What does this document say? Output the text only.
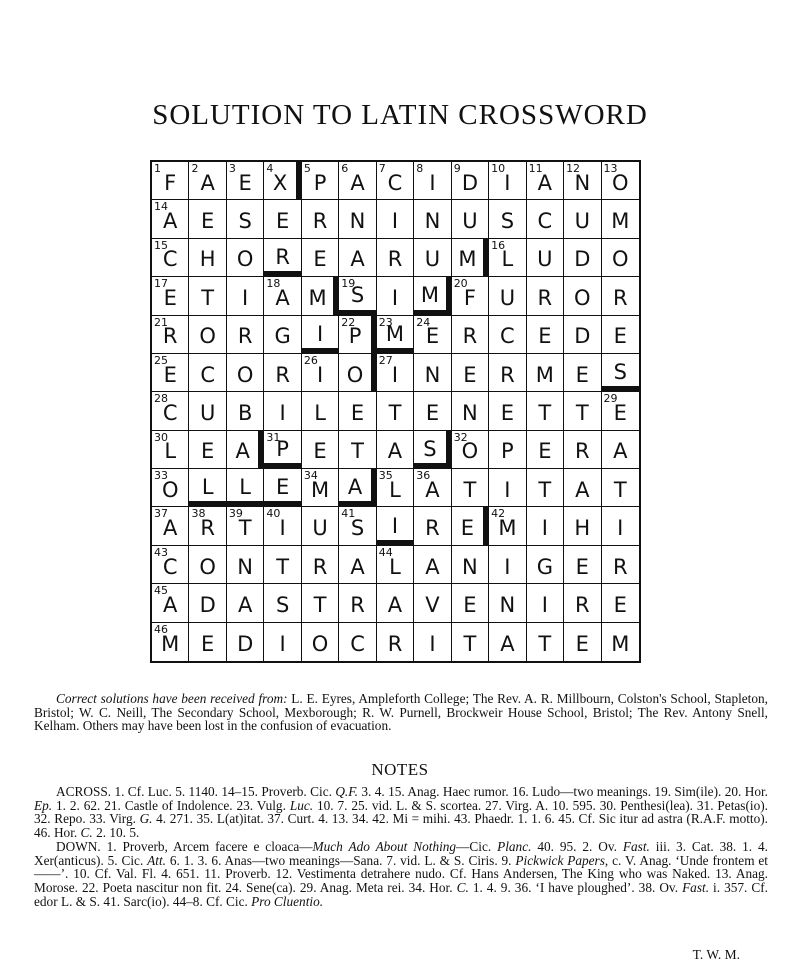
SOLUTION TO LATIN CROSSWORD
1
F
2
A
3
E
4
X
5
P
6
A
7
C
8
I
9
D
10
I
11
A
12
N
13
O
14
A E S E R N I N U S C U M
15
C H O R E A R U M
16
L U D O
17
E T I
18
A M
19
S I M 20
F U R O R
21
R O R G I 22
P
23
M 24
E R C E D E
25
E C O R
26
I O
27
I N E R M E S
28
C U B I L E T E N E T T
29
E
30
L E A
31
P E T A S 32
O P E R A
33
O L L E 34
M A 35
L
36
A T I T A T
37
A
38
R
39
T
40
I U
41
S I R E
42
M I H I
43
C O N T R A
44
L A N I G E R
45
A D A S T R A V E N I R E
46
M E D I O C R I T A T E M
Correct solutions have been received from: L. E. Eyres, Ampleforth College; The Rev. A. R. Millbourn, Colston's School, Stapleton, Bristol; W. C. Neill, The Secondary School, Mexborough; R. W. Purnell, Brockweir House School, Bristol; The Rev. Antony Snell, Kelham. Others may have been lost in the confusion of evacuation.
NOTES

ACROSS. 1. Cf. Luc. 5. 1140. 14–15. Proverb. Cic. Q.F. 3. 4. 15. Anag. Haec rumor. 16. Ludo—two meanings. 19. Sim(ile). 20. Hor. Ep. 1. 2. 62. 21. Castle of Indolence. 23. Vulg. Luc. 10. 7. 25. vid. L. & S. scortea. 27. Virg. A. 10. 595. 30. Penthesi(lea). 31. Petas(io). 32. Repo. 33. Virg. G. 4. 271. 35. L(at)itat. 37. Curt. 4. 13. 34. 42. Mi = mihi. 43. Phaedr. 1. 1. 6. 45. Cf. Sic itur ad astra (R.A.F. motto). 46. Hor. C. 2. 10. 5.

DOWN. 1. Proverb, Arcem facere e cloaca—Much Ado About Nothing—Cic. Planc. 40. 95. 2. Ov. Fast. iii. 3. Cat. 38. 1. 4. Xer(anticus). 5. Cic. Att. 6. 1. 3. 6. Anas—two meanings—Sana. 7. vid. L. & S. Ciris. 9. Pickwick Papers, c. V. Anag. ‘Unde frontem et ——’. 10. Cf. Val. Fl. 4. 651. 11. Proverb. 12. Vestimenta detrahere nudo. Cf. Hans Andersen, The King who was Naked. 13. Anag. Morose. 22. Poeta nascitur non fit. 24. Sene(ca). 29. Anag. Meta rei. 34. Hor. C. 1. 4. 9. 36. ‘I have ploughed’. 38. Ov. Fast. i. 357. Cf. edor L. & S. 41. Sarc(io). 44–8. Cf. Cic. Pro Cluentio.

T. W. M.
